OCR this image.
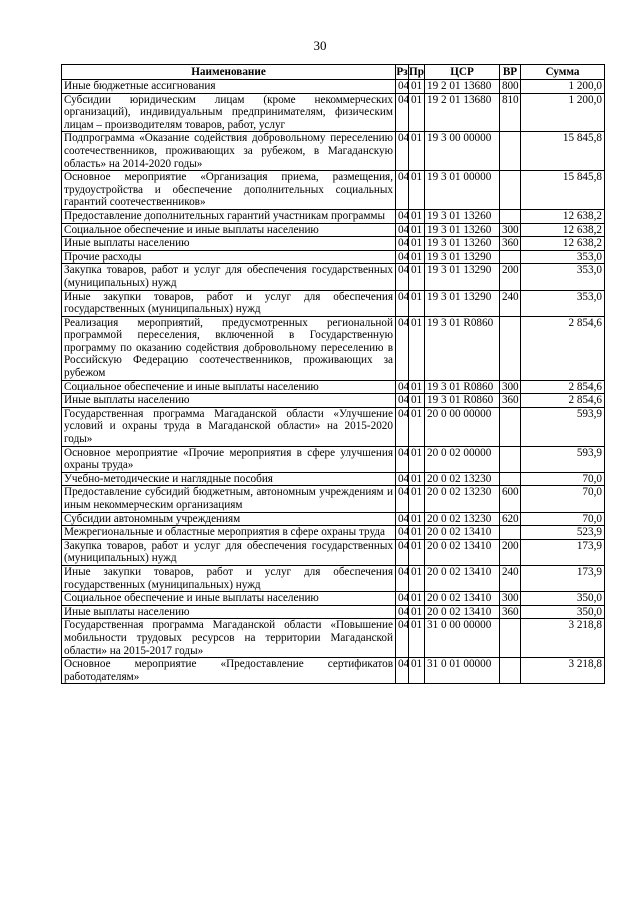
30
Наименование	Рз	Пр	ЦСР	ВР	Сумма
Иные бюджетные ассигнования	04	01	19 2 01 13680	800	1 200,0
Субсидии юридическим лицам (кроме некоммерческих организаций), индивидуальным предпринимателям, физическим лицам – производителям товаров, работ, услуг	04	01	19 2 01 13680	810	1 200,0
Подпрограмма «Оказание содействия добровольному переселению соотечественников, проживающих за рубежом, в Магаданскую область» на 2014-2020 годы»	04	01	19 3 00 00000		15 845,8
Основное мероприятие «Организация приема, размещения, трудоустройства и обеспечение дополнительных социальных гарантий соотечественников»	04	01	19 3 01 00000		15 845,8
Предоставление дополнительных гарантий участникам программы	04	01	19 3 01 13260		12 638,2
Социальное обеспечение и иные выплаты населению	04	01	19 3 01 13260	300	12 638,2
Иные выплаты населению	04	01	19 3 01 13260	360	12 638,2
Прочие расходы	04	01	19 3 01 13290		353,0
Закупка товаров, работ и услуг для обеспечения государственных (муниципальных) нужд	04	01	19 3 01 13290	200	353,0
Иные закупки товаров, работ и услуг для обеспечения государственных (муниципальных) нужд	04	01	19 3 01 13290	240	353,0
Реализация мероприятий, предусмотренных региональной программой переселения, включенной в Государственную программу по оказанию содействия добровольному переселению в Российскую Федерацию соотечественников, проживающих за рубежом	04	01	19 3 01 R0860		2 854,6
Социальное обеспечение и иные выплаты населению	04	01	19 3 01 R0860	300	2 854,6
Иные выплаты населению	04	01	19 3 01 R0860	360	2 854,6
Государственная программа Магаданской области «Улучшение условий и охраны труда в Магаданской области» на 2015-2020 годы»	04	01	20 0 00 00000		593,9
Основное мероприятие «Прочие мероприятия в сфере улучшения охраны труда»	04	01	20 0 02 00000		593,9
Учебно-методические и наглядные пособия	04	01	20 0 02 13230		70,0
Предоставление субсидий бюджетным, автономным учреждениям и иным некоммерческим организациям	04	01	20 0 02 13230	600	70,0
Субсидии автономным учреждениям	04	01	20 0 02 13230	620	70,0
Межрегиональные и областные мероприятия в сфере охраны труда	04	01	20 0 02 13410		523,9
Закупка товаров, работ и услуг для обеспечения государственных (муниципальных) нужд	04	01	20 0 02 13410	200	173,9
Иные закупки товаров, работ и услуг для обеспечения государственных (муниципальных) нужд	04	01	20 0 02 13410	240	173,9
Социальное обеспечение и иные выплаты населению	04	01	20 0 02 13410	300	350,0
Иные выплаты населению	04	01	20 0 02 13410	360	350,0
Государственная программа Магаданской области «Повышение мобильности трудовых ресурсов на территории Магаданской области» на 2015-2017 годы»	04	01	31 0 00 00000		3 218,8
Основное мероприятие «Предоставление сертификатов работодателям»	04	01	31 0 01 00000		3 218,8
